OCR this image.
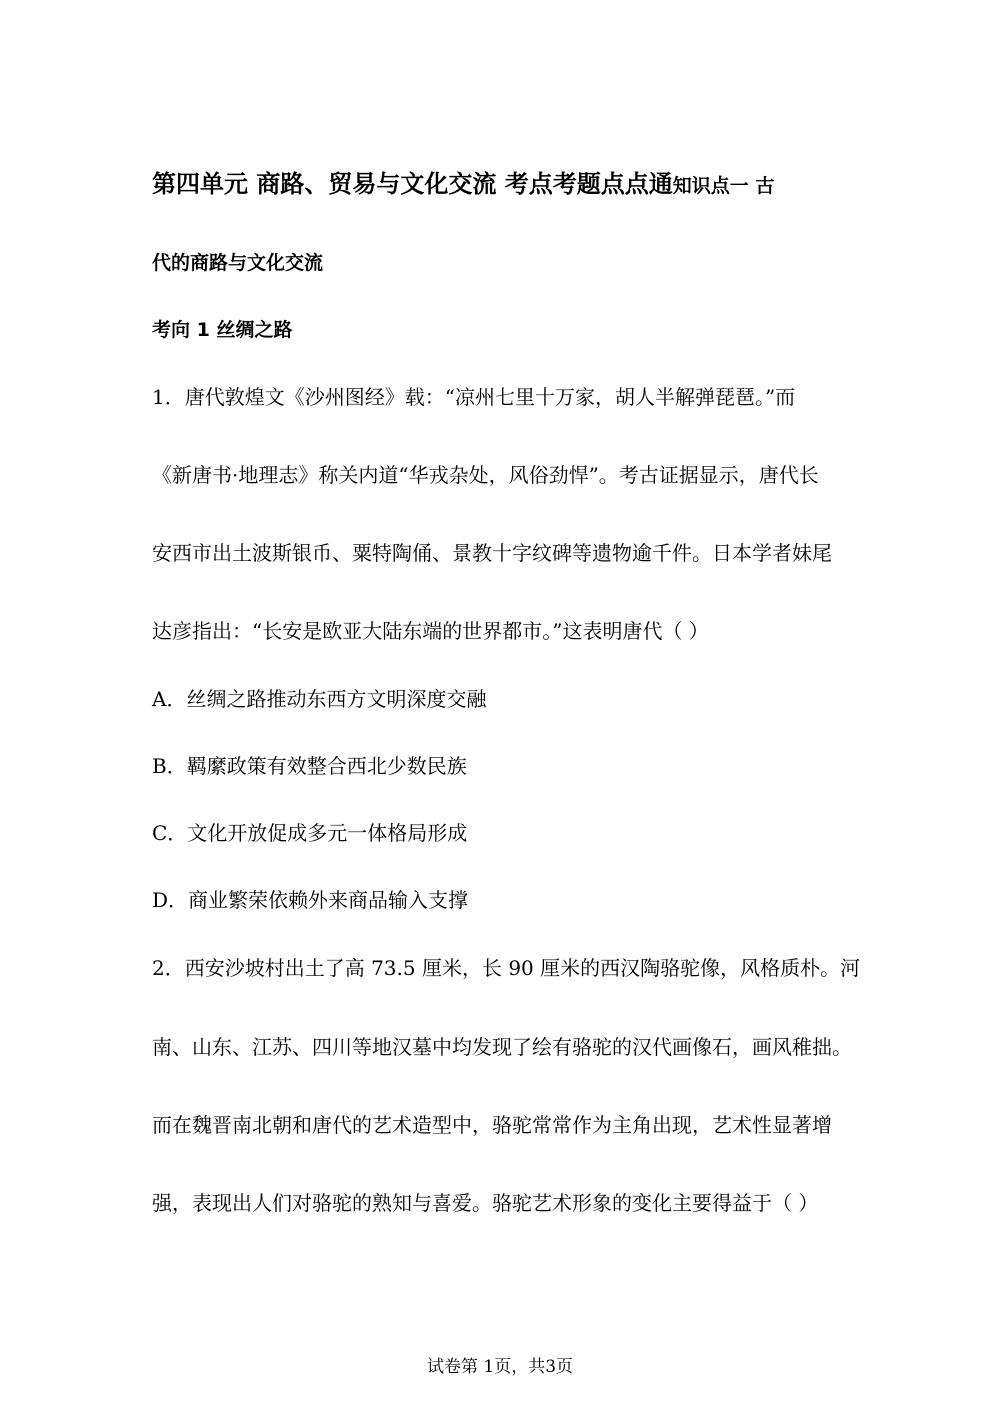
第四单元 商路、贸易与文化交流 考点考题点点通知识点一 古
代的商路与文化交流
考向 1 丝绸之路
1．唐代敦煌文《沙州图经》载：“凉州七里十万家，胡人半解弹琵琶。”而
《新唐书·地理志》称关内道“华戎杂处，风俗劲悍”。考古证据显示，唐代长
安西市出土波斯银币、粟特陶俑、景教十字纹碑等遗物逾千件。日本学者妹尾
达彦指出：“长安是欧亚大陆东端的世界都市。”这表明唐代（ ）
A．丝绸之路推动东西方文明深度交融
B．羁縻政策有效整合西北少数民族
C．文化开放促成多元一体格局形成
D．商业繁荣依赖外来商品输入支撑
2．西安沙坡村出土了高 73.5 厘米，长 90 厘米的西汉陶骆驼像，风格质朴。河
南、山东、江苏、四川等地汉墓中均发现了绘有骆驼的汉代画像石，画风稚拙。
而在魏晋南北朝和唐代的艺术造型中，骆驼常常作为主角出现，艺术性显著增
强，表现出人们对骆驼的熟知与喜爱。骆驼艺术形象的变化主要得益于（ ）
试卷第 1页，共3页
